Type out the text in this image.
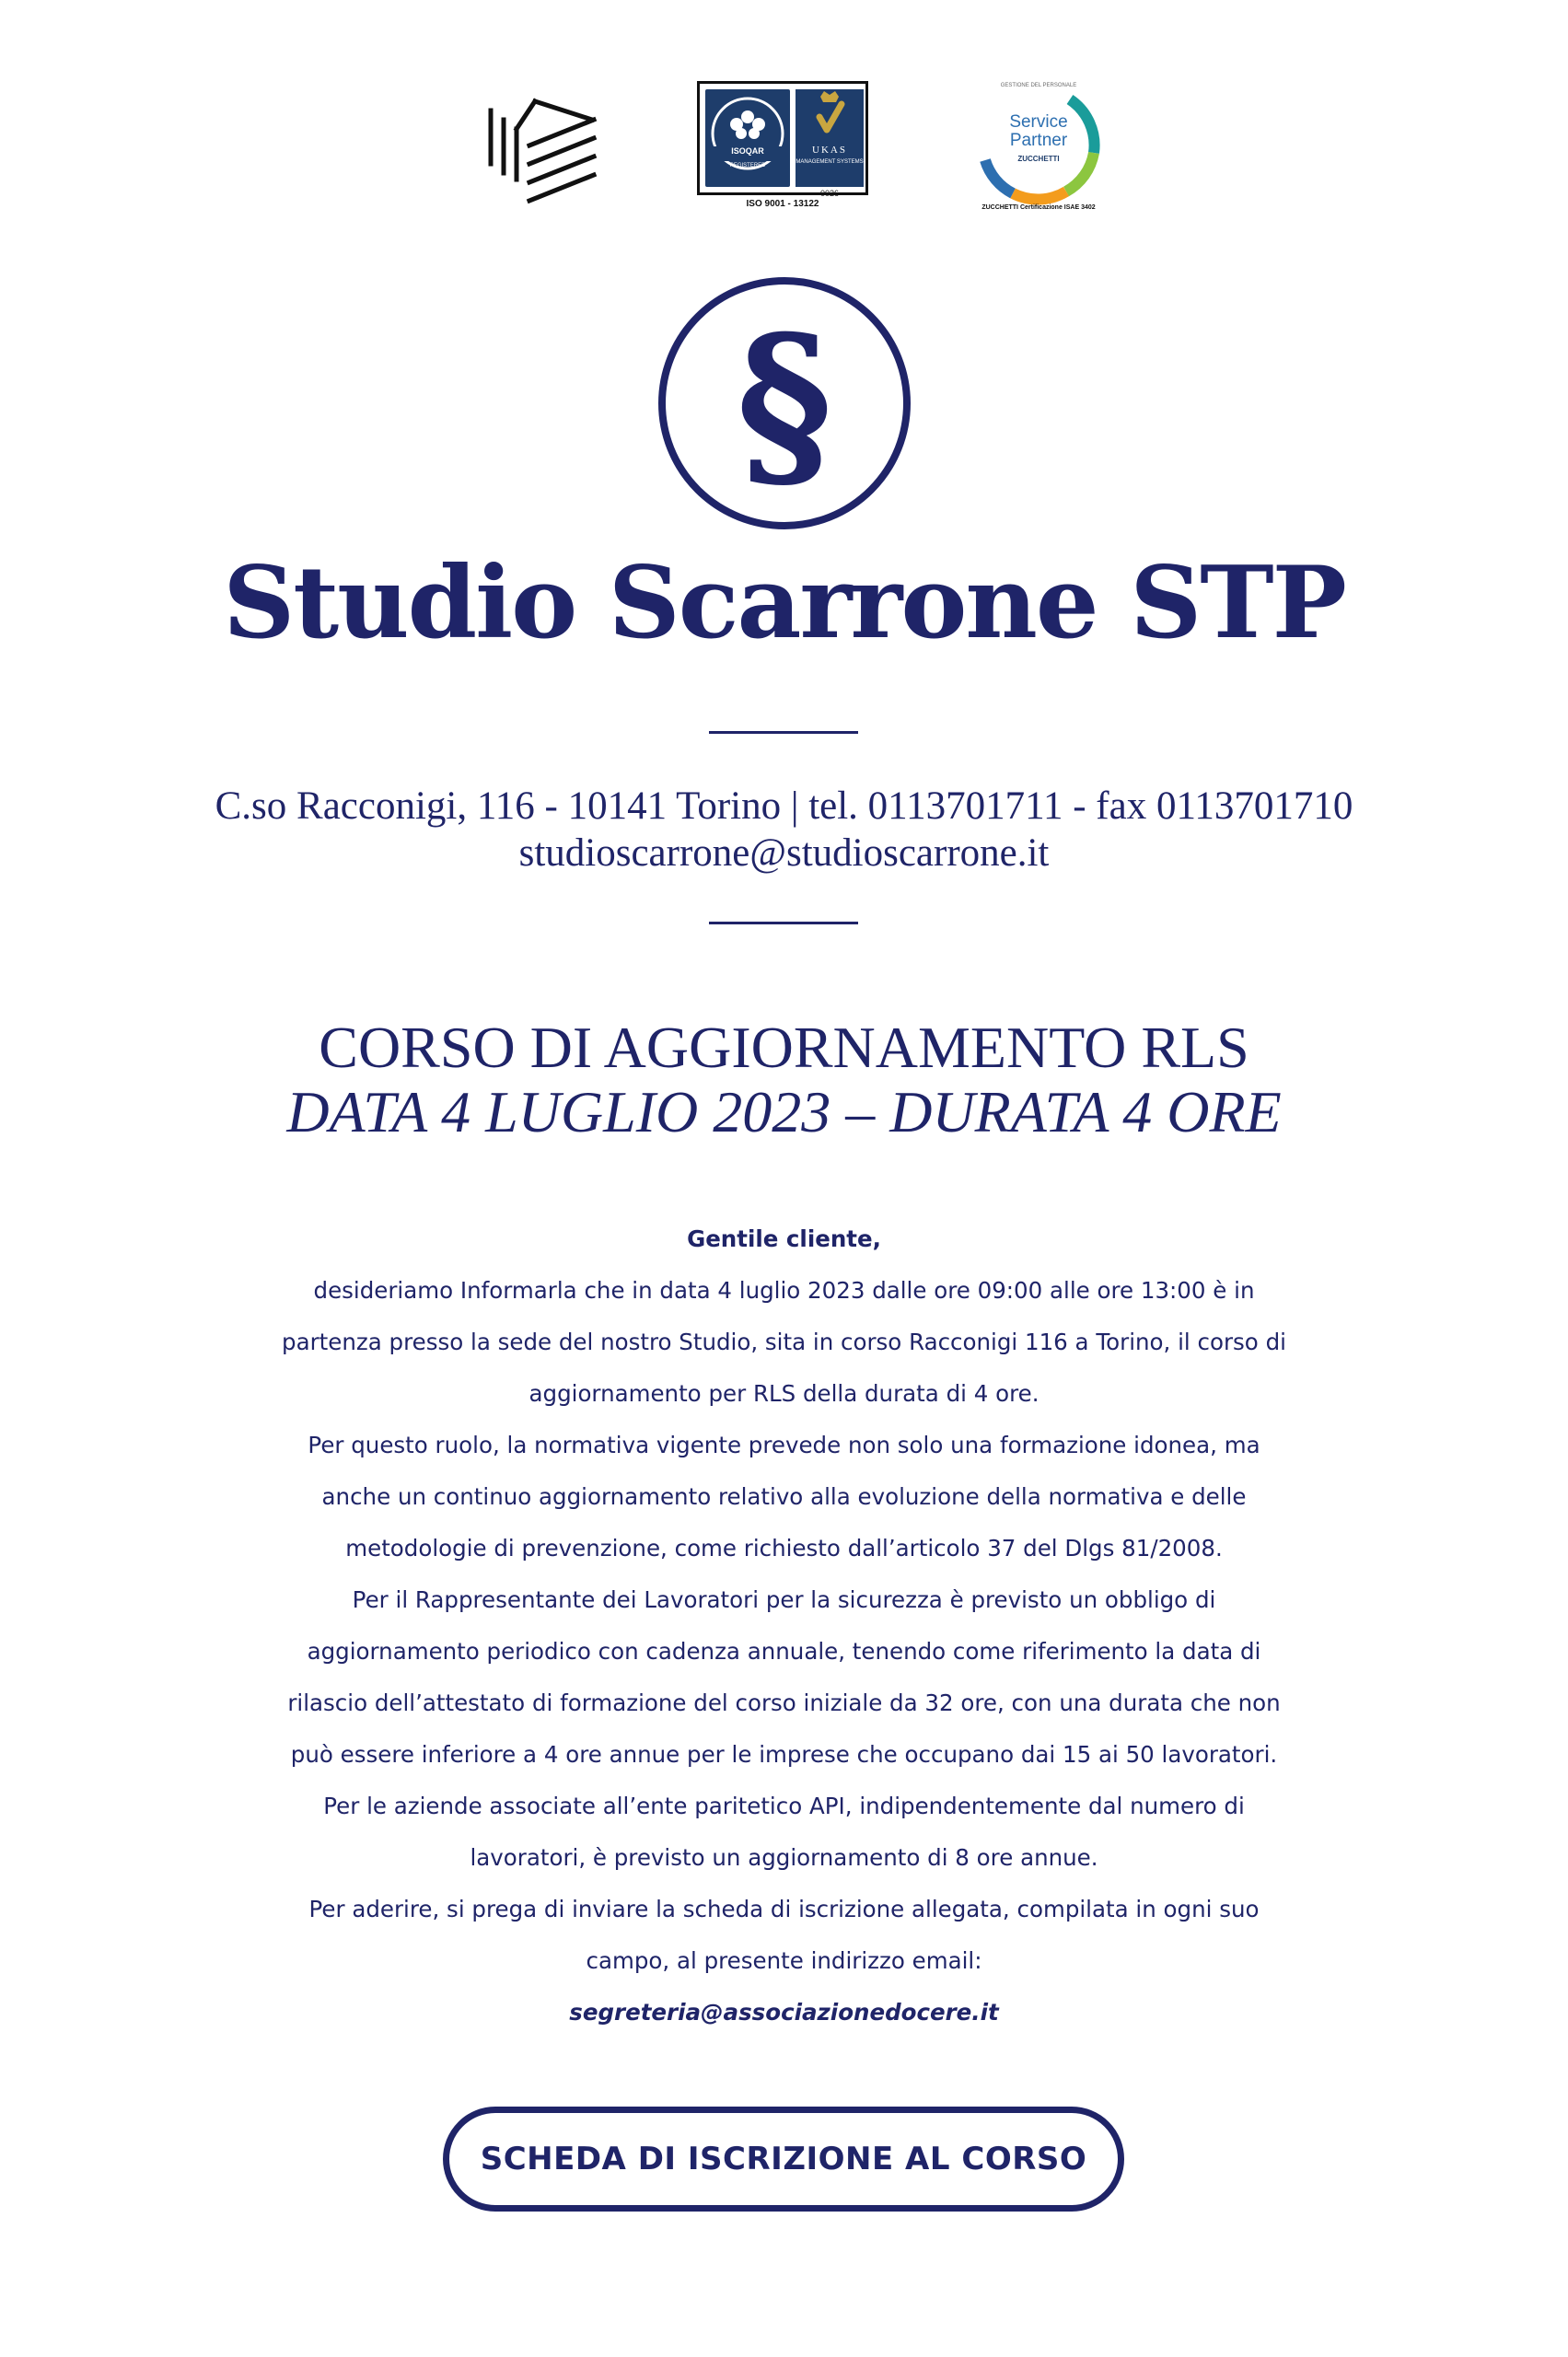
ISOQAR
REGISTERED
UKAS
MANAGEMENT SYSTEMS
0026
ISO 9001 - 13122
GESTIONE DEL PERSONALE
Service
Partner
ZUCCHETTI
ZUCCHETTI Certificazione ISAE 3402
§
Studio Scarrone STP
C.so Racconigi, 116 - 10141 Torino | tel. 0113701711 - fax 0113701710
studioscarrone@studioscarrone.it
CORSO DI AGGIORNAMENTO RLS
DATA 4 LUGLIO 2023 – DURATA 4 ORE
Gentile cliente,
desideriamo Informarla che in data 4 luglio 2023 dalle ore 09:00 alle ore 13:00 è in
partenza presso la sede del nostro Studio, sita in corso Racconigi 116 a Torino, il corso di
aggiornamento per RLS della durata di 4 ore.
Per questo ruolo, la normativa vigente prevede non solo una formazione idonea, ma
anche un continuo aggiornamento relativo alla evoluzione della normativa e delle
metodologie di prevenzione, come richiesto dall’articolo 37 del Dlgs 81/2008.
Per il Rappresentante dei Lavoratori per la sicurezza è previsto un obbligo di
aggiornamento periodico con cadenza annuale, tenendo come riferimento la data di
rilascio dell’attestato di formazione del corso iniziale da 32 ore, con una durata che non
può essere inferiore a 4 ore annue per le imprese che occupano dai 15 ai 50 lavoratori.
Per le aziende associate all’ente paritetico API, indipendentemente dal numero di
lavoratori, è previsto un aggiornamento di 8 ore annue.
Per aderire, si prega di inviare la scheda di iscrizione allegata, compilata in ogni suo
campo, al presente indirizzo email:
segreteria@associazionedocere.it
SCHEDA DI ISCRIZIONE AL CORSO
